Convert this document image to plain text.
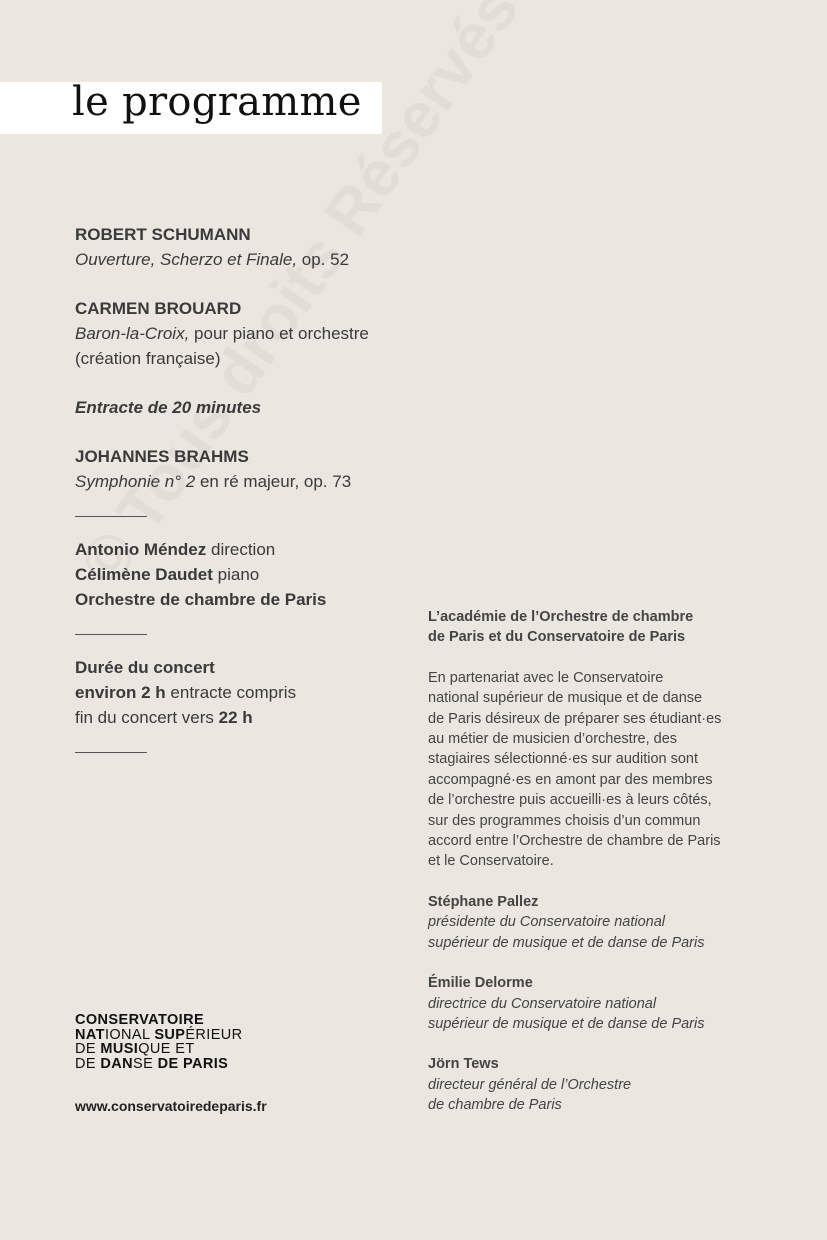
le programme

ROBERT SCHUMANN

Ouverture, Scherzo et Finale, op. 52

CARMEN BROUARD

Baron-la-Croix, pour piano et orchestre

(création française)

Entracte de 20 minutes

JOHANNES BRAHMS

Symphonie n° 2 en ré majeur, op. 73

Antonio Méndez direction

Célimène Daudet piano

Orchestre de chambre de Paris

Durée du concert

environ 2 h entracte compris

fin du concert vers 22 h

L’académie de l’Orchestre de chambre

de Paris et du Conservatoire de Paris

En partenariat avec le Conservatoire

national supérieur de musique et de danse

de Paris désireux de préparer ses étudiant·es

au métier de musicien d’orchestre, des

stagiaires sélectionné·es sur audition sont

accompagné·es en amont par des membres

de l’orchestre puis accueilli·es à leurs côtés,

sur des programmes choisis d’un commun

accord entre l’Orchestre de chambre de Paris

et le Conservatoire.

Stéphane Pallez

présidente du Conservatoire national

supérieur de musique et de danse de Paris

Émilie Delorme

directrice du Conservatoire national

supérieur de musique et de danse de Paris

Jörn Tews

directeur général de l’Orchestre

de chambre de Paris

CONSERVATOIRE
NATIONAL SUPÉRIEUR
DE MUSIQUE ET
DE DANSE DE PARIS
www.conservatoiredeparis.fr
